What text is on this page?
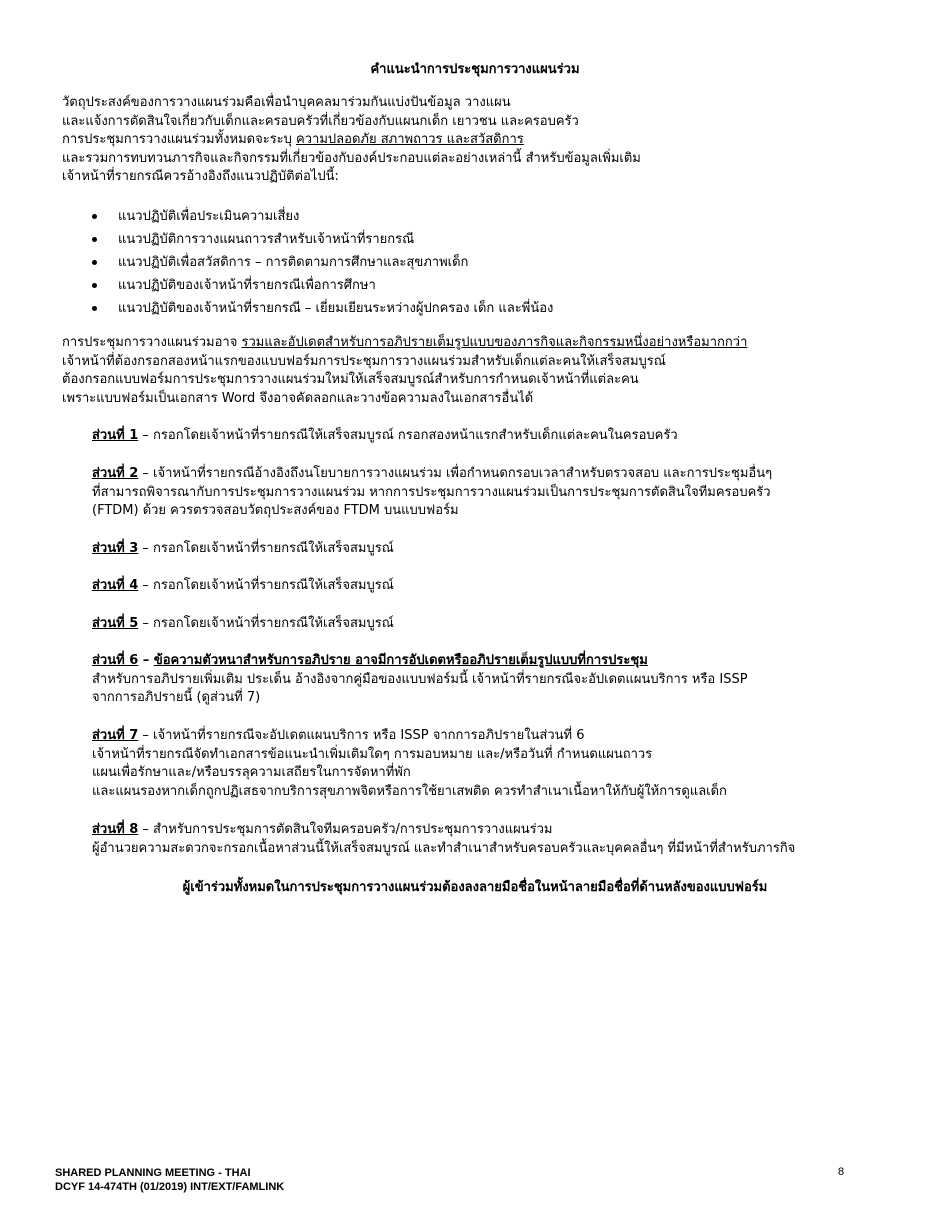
คำแนะนำการประชุมการวางแผนร่วม
วัตถุประสงค์ของการวางแผนร่วมคือเพื่อนำบุคคลมาร่วมกันแบ่งปันข้อมูล วางแผน
และแจ้งการตัดสินใจเกี่ยวกับเด็กและครอบครัวที่เกี่ยวข้องกับแผนกเด็ก เยาวชน และครอบครัว
การประชุมการวางแผนร่วมทั้งหมดจะระบุ ความปลอดภัย สภาพถาวร และสวัสดิการ
และรวมการทบทวนภารกิจและกิจกรรมที่เกี่ยวข้องกับองค์ประกอบแต่ละอย่างเหล่านี้ สำหรับข้อมูลเพิ่มเติม
เจ้าหน้าที่รายกรณีควรอ้างอิงถึงแนวปฏิบัติต่อไปนี้:
แนวปฏิบัติเพื่อประเมินความเสี่ยง
แนวปฏิบัติการวางแผนถาวรสำหรับเจ้าหน้าที่รายกรณี
แนวปฏิบัติเพื่อสวัสดิการ – การติดตามการศึกษาและสุขภาพเด็ก
แนวปฏิบัติของเจ้าหน้าที่รายกรณีเพื่อการศึกษา
แนวปฏิบัติของเจ้าหน้าที่รายกรณี – เยี่ยมเยียนระหว่างผู้ปกครอง เด็ก และพี่น้อง
การประชุมการวางแผนร่วมอาจ รวมและอัปเดตสำหรับการอภิปรายเต็มรูปแบบของภารกิจและกิจกรรมหนึ่งอย่างหรือมากกว่า
เจ้าหน้าที่ต้องกรอกสองหน้าแรกของแบบฟอร์มการประชุมการวางแผนร่วมสำหรับเด็กแต่ละคนให้เสร็จสมบูรณ์
ต้องกรอกแบบฟอร์มการประชุมการวางแผนร่วมใหม่ให้เสร็จสมบูรณ์สำหรับการกำหนดเจ้าหน้าที่แต่ละคน
เพราะแบบฟอร์มเป็นเอกสาร Word จึงอาจคัดลอกและวางข้อความลงในเอกสารอื่นได้
ส่วนที่ 1 – กรอกโดยเจ้าหน้าที่รายกรณีให้เสร็จสมบูรณ์ กรอกสองหน้าแรกสำหรับเด็กแต่ละคนในครอบครัว
ส่วนที่ 2 – เจ้าหน้าที่รายกรณีอ้างอิงถึงนโยบายการวางแผนร่วม เพื่อกำหนดกรอบเวลาสำหรับตรวจสอบ และการประชุมอื่นๆ
ที่สามารถพิจารณากับการประชุมการวางแผนร่วม หากการประชุมการวางแผนร่วมเป็นการประชุมการตัดสินใจทีมครอบครัว
(FTDM) ด้วย ควรตรวจสอบวัตถุประสงค์ของ FTDM บนแบบฟอร์ม
ส่วนที่ 3 – กรอกโดยเจ้าหน้าที่รายกรณีให้เสร็จสมบูรณ์
ส่วนที่ 4 – กรอกโดยเจ้าหน้าที่รายกรณีให้เสร็จสมบูรณ์
ส่วนที่ 5 – กรอกโดยเจ้าหน้าที่รายกรณีให้เสร็จสมบูรณ์
ส่วนที่ 6 – ข้อความตัวหนาสำหรับการอภิปราย อาจมีการอัปเดตหรืออภิปรายเต็มรูปแบบที่การประชุม
สำหรับการอภิปรายเพิ่มเติม ประเด็น อ้างอิงจากคู่มือของแบบฟอร์มนี้ เจ้าหน้าที่รายกรณีจะอัปเดตแผนบริการ หรือ ISSP
จากการอภิปรายนี้ (ดูส่วนที่ 7)
ส่วนที่ 7 – เจ้าหน้าที่รายกรณีจะอัปเดตแผนบริการ หรือ ISSP จากการอภิปรายในส่วนที่ 6
เจ้าหน้าที่รายกรณีจัดทำเอกสารข้อแนะนำเพิ่มเติมใดๆ การมอบหมาย และ/หรือวันที่ กำหนดแผนถาวร
แผนเพื่อรักษาและ/หรือบรรลุความเสถียรในการจัดหาที่พัก
และแผนรองหากเด็กถูกปฏิเสธจากบริการสุขภาพจิตหรือการใช้ยาเสพติด ควรทำสำเนาเนื้อหาให้กับผู้ให้การดูแลเด็ก
ส่วนที่ 8 – สำหรับการประชุมการตัดสินใจทีมครอบครัว/การประชุมการวางแผนร่วม
ผู้อำนวยความสะดวกจะกรอกเนื้อหาส่วนนี้ให้เสร็จสมบูรณ์ และทำสำเนาสำหรับครอบครัวและบุคคลอื่นๆ ที่มีหน้าที่สำหรับภารกิจ
ผู้เข้าร่วมทั้งหมดในการประชุมการวางแผนร่วมต้องลงลายมือชื่อในหน้าลายมือชื่อที่ด้านหลังของแบบฟอร์ม
SHARED PLANNING MEETING - THAI
DCYF 14-474TH (01/2019) INT/EXT/FAMLINK
8
